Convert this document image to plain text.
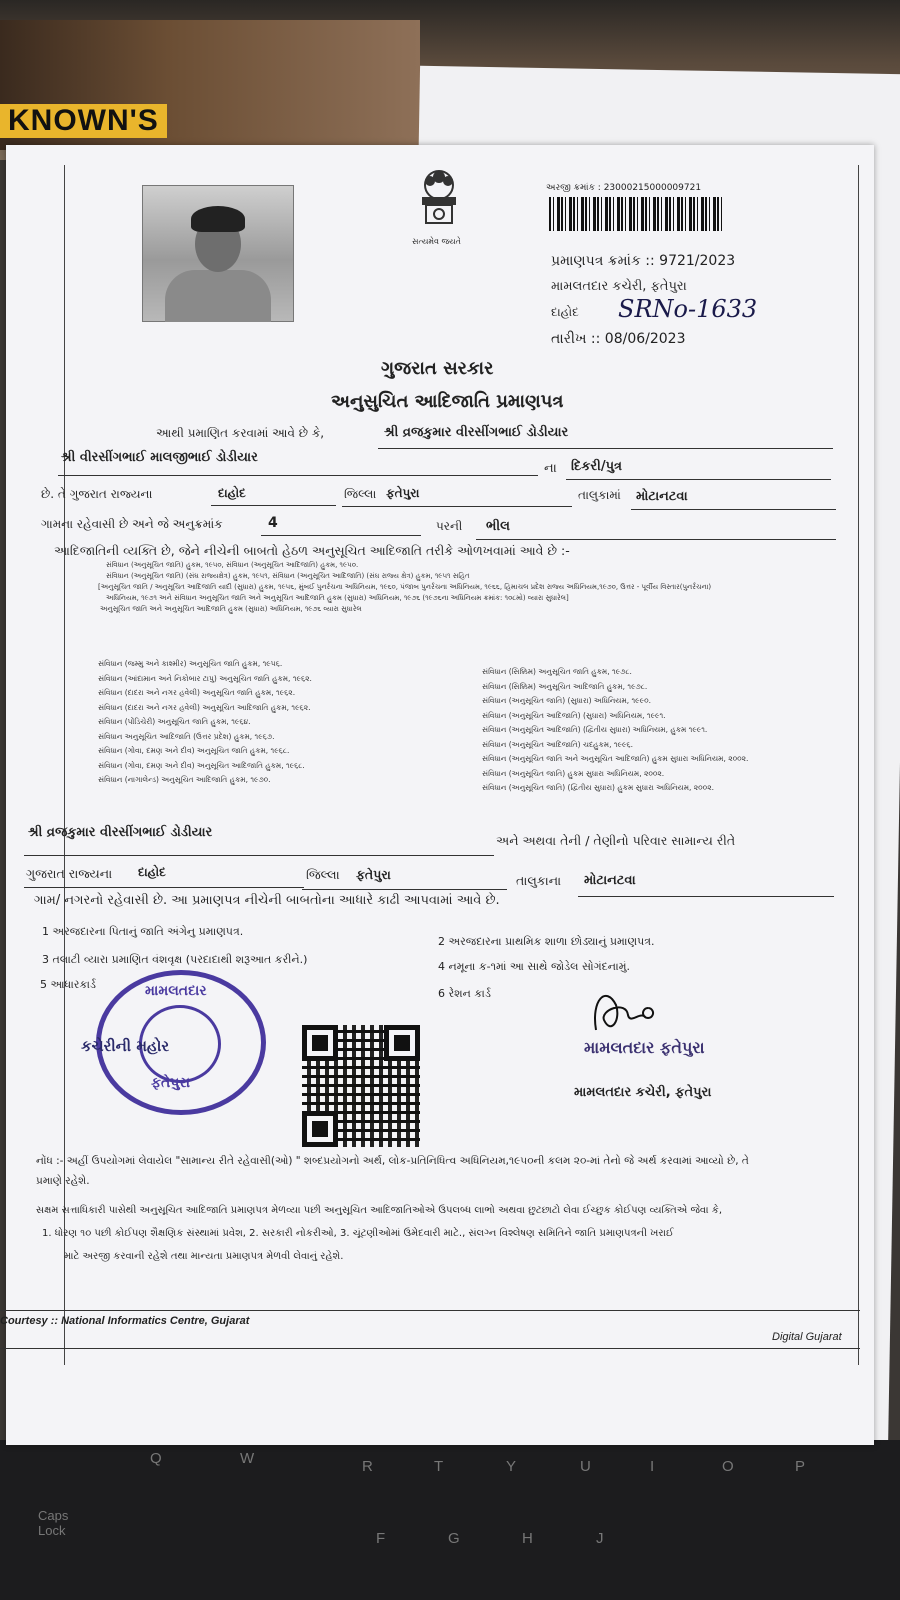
KNOWN'S
Q	W	R	T	Y	U	I	O	P
F	G	H	J
Caps Lock
સત્યમેવ જયતે
અરજી ક્રમાંક : 23000215000009721
પ્રમાણપત્ર ક્રમાંક :: 9721/2023
મામલતદાર કચેરી, ફતેપુરા
દાહોદ SRNo-1633
તારીખ :: 08/06/2023
ગુજરાત સરકાર
અનુસુચિત આદિજાતિ પ્રમાણપત્ર
આથી પ્રમાણિત કરવામાં આવે છે કે,	શ્રી વ્રજકુમાર વીરસીંગભાઈ ડોડીયાર
શ્રી વીરસીંગભાઈ માલજીભાઈ ડોડીયાર
ના દિકરી/પુત્ર
છે. તે ગુજરાત રાજ્યના	દાહોદ	જિલ્લા ફતેપુરા	તાલુકામાં મોટાનટવા
ગામના રહેવાસી છે અને જે અનુક્રમાંક	4	પરની ભીલ
આદિજાતિની વ્યક્તિ છે, જેને નીચેની બાબતો હેઠળ અનુસૂચિત આદિજાતિ તરીકે ઓળખવામાં આવે છે :-
સંવિધાન (અનુસૂચિત જાતિ) હુકમ, ૧૯૫૦, સંવિધાન (અનુસૂચિત આદિજાતિ) હુકમ, ૧૯૫૦.
સંવિધાન (અનુસૂચિત જાતિ) (સંઘ રાજ્યક્ષેત્ર) હુકમ, ૧૯૫૧, સંવિધાન (અનુસૂચિત આદિજાતિ) (સંઘ રાજ્ય ક્ષેત્ર) હુકમ, ૧૯૫૧ સહિત
[અનુસૂચિત જાતિ / અનુસૂચિત આદિજાતિ યાદી (સુધારા) હુકમ, ૧૯૫૬, મુંબઈ પુનર્રચના અધિનિયમ, ૧૯૬૦, પંજાબ પુનર્રચના અધિનિયમ, ૧૯૬૬, હિમાચલ પ્રદેશ રાજ્ય અધિનિયમ,૧૯૭૦, ઉત્તર - પૂર્વીય વિસ્તાર(પુનર્રચના)
અધિનિયમ, ૧૯૭૧ અને સંવિધાન અનુસૂચિત જાતિ અને અનુસૂચિત આદિજાતિ હુકમ (સુધારા) અધિનિયમ, ૧૯૭૬ (૧૯૭૬ના અધિનિયમ ક્રમાંક: ૧૦૮મો) વ્યારા સુધારેલ]
અનુસૂચિત જાતિ અને અનુસૂચિત આદિજાતિ હુકમ (સુધારા) અધિનિયમ, ૧૯૭૬ વ્યારા સુધારેલ
સંવિધાન (જમ્મુ અને કાશ્મીર) અનુસૂચિત જાતિ હુકમ, ૧૯૫૬.
સંવિધાન (આંદામાન અને નિકોબાર ટાપુ) અનુસૂચિત જાતિ હુકમ, ૧૯૬૨.
સંવિધાન (દાદરા અને નગર હવેલી) અનુસૂચિત જાતિ હુકમ, ૧૯૬૨.
સંવિધાન (દાદરા અને નગર હવેલી) અનુસૂચિત આદિજાતિ હુકમ, ૧૯૬૨.
સંવિધાન (પોંડિચેરી) અનુસૂચિત જાતિ હુકમ, ૧૯૬૪.
સંવિધાન અનુસૂચિત આદિજાતિ (ઉત્તર પ્રદેશ) હુકમ, ૧૯૬૭.
સંવિધાન (ગોવા, દમણ અને દીવ) અનુસૂચિત જાતિ હુકમ, ૧૯૬૮.
સંવિધાન (ગોવા, દમણ અને દીવ) અનુસૂચિત આદિજાતિ હુકમ, ૧૯૬૮.
સંવિધાન (નાગાલેન્ડ) અનુસૂચિત આદિજાતિ હુકમ, ૧૯૭૦.
સંવિધાન (સિક્કિમ) અનુસૂચિત જાતિ હુકમ, ૧૯૭૮.
સંવિધાન (સિક્કિમ) અનુસૂચિત આદિજાતિ હુકમ, ૧૯૭૮.
સંવિધાન (અનુસૂચિત જાતિ) (સુધારા) અધિનિયમ, ૧૯૯૦.
સંવિધાન (અનુસૂચિત આદિજાતિ) (સુધારા) અધિનિયમ, ૧૯૯૧.
સંવિધાન (અનુસૂચિત આદિજાતિ) (દ્વિતીય સુધારા) અધિનિયમ, હુકમ ૧૯૯૧.
સંવિધાન (અનુસૂચિત આદિજાતિ) ચદહુકમ, ૧૯૯૬.
સંવિધાન (અનુસૂચિત જાતિ અને અનુસૂચિત આદિજાતિ) હુકમ સુધારા અધિનિયમ, ૨૦૦૨.
સંવિધાન (અનુસૂચિત જાતિ) હુકમ સુધારા અધિનિયમ, ૨૦૦૨.
સંવિધાન (અનુસૂચિત જાતિ) (દ્વિતીય સુધારા) હુકમ સુધારા અધિનિયમ, ૨૦૦૨.
શ્રી વ્રજકુમાર વીરસીંગભાઈ ડોડીયાર
અને અથવા તેની / તેણીનો પરિવાર સામાન્ય રીતે
ગુજરાત રાજ્યના દાહોદ	જિલ્લા ફતેપુરા	તાલુકાના મોટાનટવા
ગામ/ નગરનો રહેવાસી છે. આ પ્રમાણપત્ર નીચેની બાબતોના આધારે કાઢી આપવામાં આવે છે.
1 અરજદારના પિતાનું જાતિ અંગેનુ પ્રમાણપત્ર.
2 અરજદારના પ્રાથમિક શાળા છોડ્યાનું પ્રમાણપત્ર.
3 તલાટી વ્યારા પ્રમાણિત વંશવૃક્ષ (પરદાદાથી શરૂઆત કરીને.)
4 નમૂના ક-૧માં આ સાથે જોડેલ સોગંદનામું.
5 આધારકાર્ડ
6 રેશન કાર્ડ
મામલતદાર
કચેરીની મહોર
ફતેપુરા
મામલતદાર ફતેપુરા
મામલતદાર કચેરી, ફતેપુરા
નોંધ :- અહીં ઉપયોગમાં લેવાયેલ "સામાન્ય રીતે રહેવાસી(ઓ) " શબ્દપ્રયોગનો અર્થ, લોક-પ્રતિનિધિત્વ અધિનિયમ,૧૯૫૦ની કલમ ૨૦-માં તેનો જે અર્થ કરવામાં આવ્યો છે, તે
પ્રમાણે રહેશે.
સક્ષમ સત્તાધિકારી પાસેથી અનુસૂચિત આદિજાતિ પ્રમાણપત્ર મેળવ્યા પછી અનુસૂચિત આદિજાતિઓએ ઉપલબ્ધ લાભો અથવા છુટછાટો લેવા ઈચ્છુક કોઈપણ વ્યક્તિએ જેવા કે,
1. ધોરણ ૧૦ પછી કોઈપણ શૈક્ષણિક સંસ્થામાં પ્રવેશ, 2. સરકારી નોકરીઓ, 3. ચૂંટણીઓમાં ઉમેદવારી માટે., સંલગ્ન વિશ્લેષણ સમિતિને જાતિ પ્રમાણપત્રની ખરાઈ
માટે અરજી કરવાની રહેશે તથા માન્યતા પ્રમાણપત્ર મેળવી લેવાનું રહેશે.
Courtesy :: National Informatics Centre, Gujarat
Digital Gujarat
